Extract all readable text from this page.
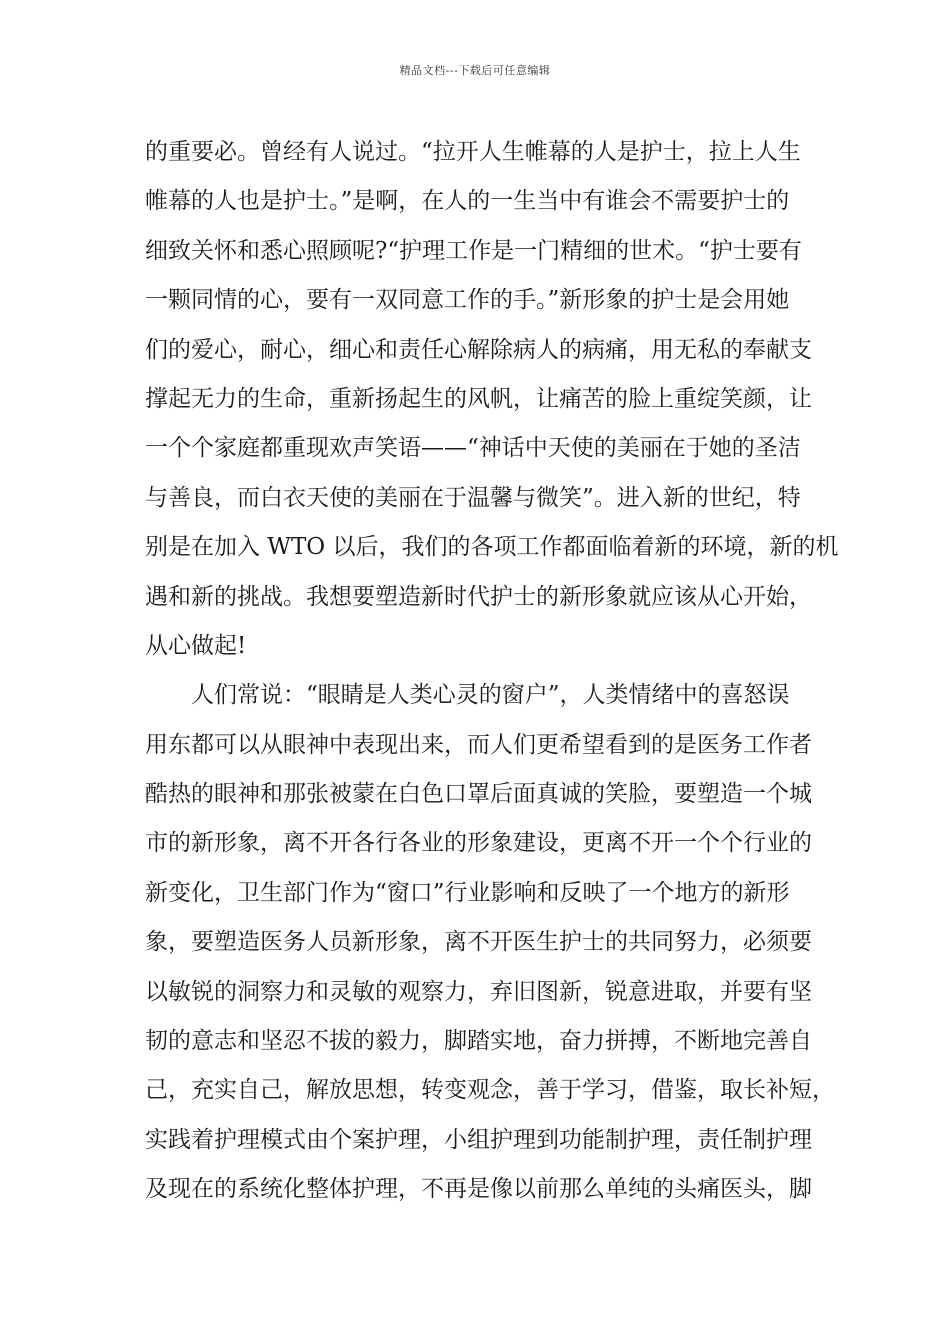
精品文档---下载后可任意编辑
的重要必。曾经有人说过。“拉开人生帷幕的人是护士，拉上人生
帷幕的人也是护士。”是啊，在人的一生当中有谁会不需要护士的
细致关怀和悉心照顾呢?“护理工作是一门精细的世术。“护士要有
一颗同情的心，要有一双同意工作的手。”新形象的护士是会用她
们的爱心，耐心，细心和责任心解除病人的病痛，用无私的奉献支
撑起无力的生命，重新扬起生的风帆，让痛苦的脸上重绽笑颜，让
一个个家庭都重现欢声笑语——“神话中天使的美丽在于她的圣洁
与善良，而白衣天使的美丽在于温馨与微笑”。进入新的世纪，特
别是在加入 WTO 以后，我们的各项工作都面临着新的环境，新的机
遇和新的挑战。我想要塑造新时代护士的新形象就应该从心开始，
从心做起!
人们常说：“眼睛是人类心灵的窗户”，人类情绪中的喜怒误
用东都可以从眼神中表现出来，而人们更希望看到的是医务工作者
酷热的眼神和那张被蒙在白色口罩后面真诚的笑脸，要塑造一个城
市的新形象，离不开各行各业的形象建设，更离不开一个个行业的
新变化，卫生部门作为“窗口”行业影响和反映了一个地方的新形
象，要塑造医务人员新形象，离不开医生护士的共同努力，必须要
以敏锐的洞察力和灵敏的观察力，弃旧图新，锐意进取，并要有坚
韧的意志和坚忍不拔的毅力，脚踏实地，奋力拼搏，不断地完善自
己，充实自己，解放思想，转变观念，善于学习，借鉴，取长补短，
实践着护理模式由个案护理，小组护理到功能制护理，责任制护理
及现在的系统化整体护理，不再是像以前那么单纯的头痛医头，脚
